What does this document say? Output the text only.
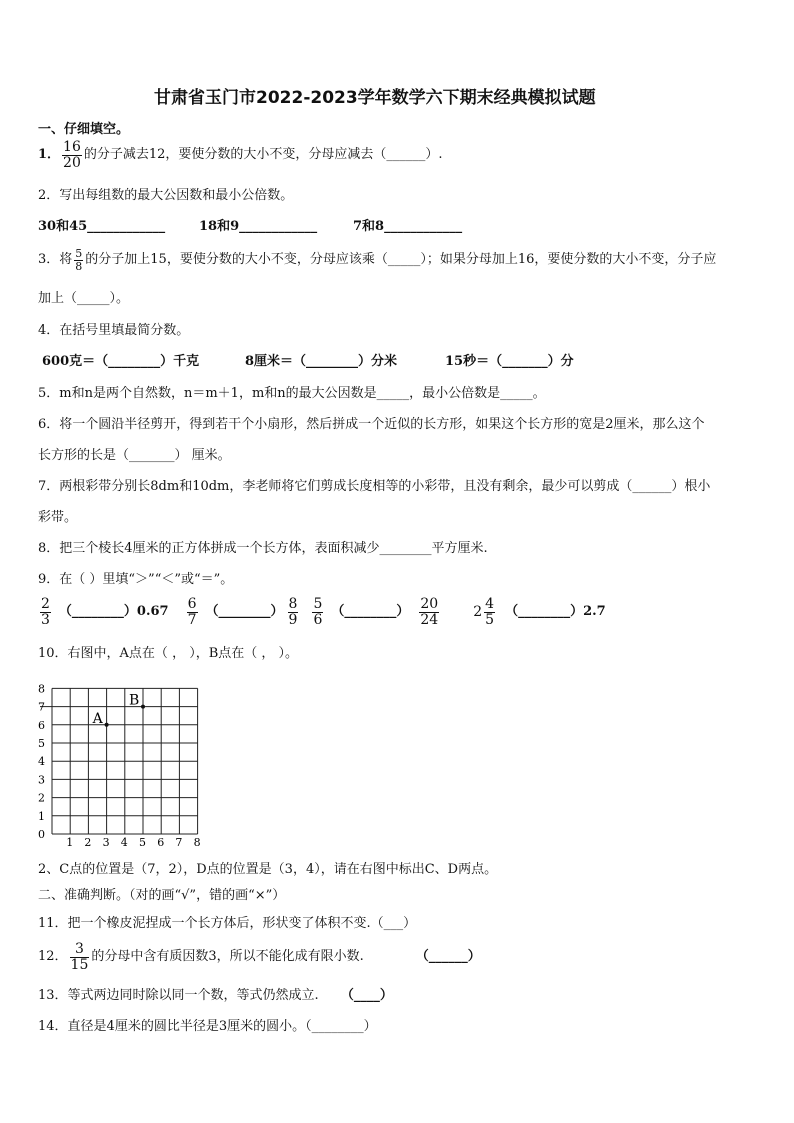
甘肃省玉门市2022-2023学年数学六下期末经典模拟试题
一、仔细填空。
1． $\frac{16}{20}$ 的分子减去12，要使分数的大小不变，分母应减去（______）.
2．写出每组数的最大公因数和最小公倍数。
30和45____________	18和9____________	7和8____________
3．将 $\frac{5}{8}$ 的分子加上15，要使分数的大小不变，分母应该乘（_____）；如果分母加上16，要使分数的大小不变，分子应
加上（_____）。
4．在括号里填最简分数。
600克＝（________）千克	8厘米＝（________）分米	15秒＝（_______）分
5．m和n是两个自然数，n＝m＋1，m和n的最大公因数是_____，最小公倍数是_____。
6．将一个圆沿半径剪开，得到若干个小扇形，然后拼成一个近似的长方形，如果这个长方形的宽是2厘米，那么这个
长方形的长是（_______） 厘米。
7．两根彩带分别长8dm和10dm，李老师将它们剪成长度相等的小彩带，且没有剩余，最少可以剪成（______）根小
彩带。
8．把三个棱长4厘米的正方体拼成一个长方体，表面积减少________平方厘米.
9．在（ ）里填“＞”“＜”或“＝”。
$\frac{2}{3}$ （________）0.67 $\frac{6}{7}$ （________） $\frac{8}{9} \frac{5}{6}$ （________） $\frac{20}{24} 2 \frac{4}{5}$ （________）2.7
10．右图中，A点在（ ， ），B点在（ ， ）。
1 2 3 4 5 6 7 8
0
1
2
3
4
5
6
7
8
A
B
2、C点的位置是（7，2），D点的位置是（3，4），请在右图中标出C、D两点。
二、准确判断。（对的画“√”，错的画“×”）
11．把一个橡皮泥捏成一个长方体后，形状变了体积不变.（___）
12． $\frac{3}{15}$ 的分母中含有质因数3，所以不能化成有限小数.	（______）
13．等式两边同时除以同一个数，等式仍然成立. （____）
14．直径是4厘米的圆比半径是3厘米的圆小。（________）
